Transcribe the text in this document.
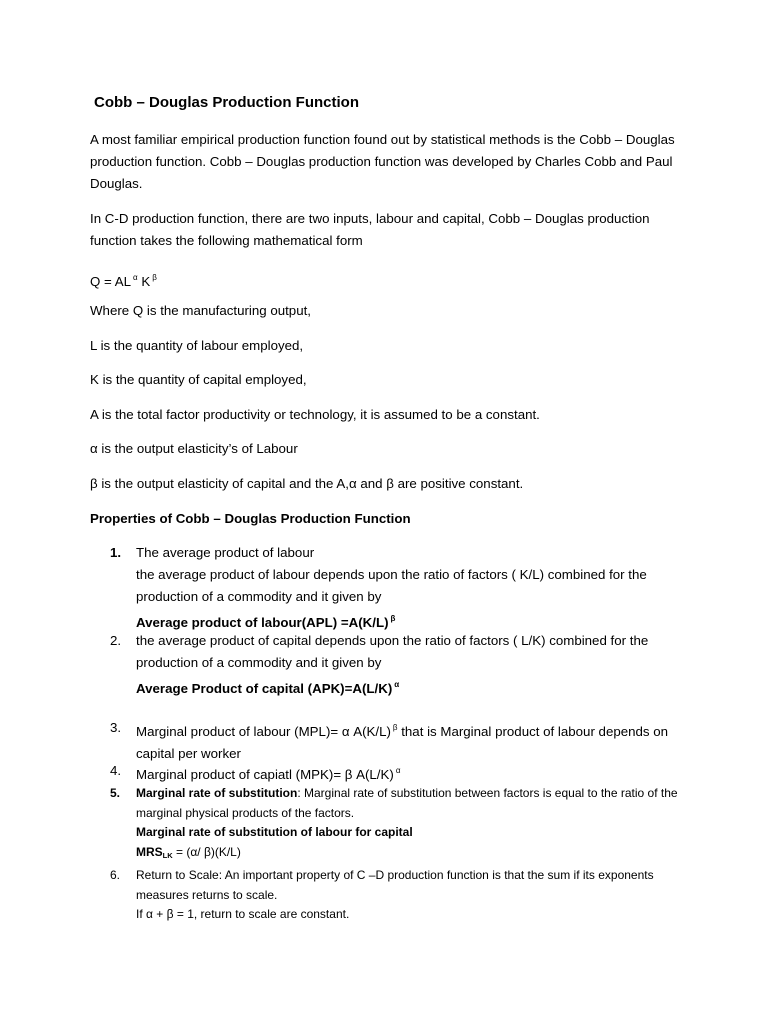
Cobb – Douglas Production Function

A most familiar empirical production function found out by statistical methods is the Cobb – Douglas production function. Cobb – Douglas production function was developed by Charles Cobb and Paul Douglas.

In C-D production function, there are two inputs, labour and capital, Cobb – Douglas production function takes the following mathematical form

Q = AL $^\alpha$ K $^\beta$

Where Q is the manufacturing output,

L is the quantity of labour employed,

K is the quantity of capital employed,

A is the total factor productivity or technology, it is assumed to be a constant.

α is the output elasticity’s of Labour

β is the output elasticity of capital and the A,α and β are positive constant.

Properties of Cobb – Douglas Production Function

1.	The average product of labour
the average product of labour depends upon the ratio of factors ( K/L) combined for the production of a commodity and it given by
Average product of labour(APL) =A(K/L) $^\beta$
2.	the average product of capital depends upon the ratio of factors ( L/K) combined for the production of a commodity and it given by
Average Product of capital (APK)=A(L/K) $^\alpha$
3.	Marginal product of labour (MPL)= α A(K/L) $^\beta$ that is Marginal product of labour depends on capital per worker
4.	Marginal product of capiatl (MPK)= β A(L/K) $^\alpha$
5.	Marginal rate of substitution: Marginal rate of substitution between factors is equal to the ratio of the marginal physical products of the factors.
Marginal rate of substitution of labour for capital
$MRS_{LK} = (\alpha/$ β)(K/L)
6.	Return to Scale: An important property of C –D production function is that the sum if its exponents measures returns to scale.
If α + β = 1, return to scale are constant.
